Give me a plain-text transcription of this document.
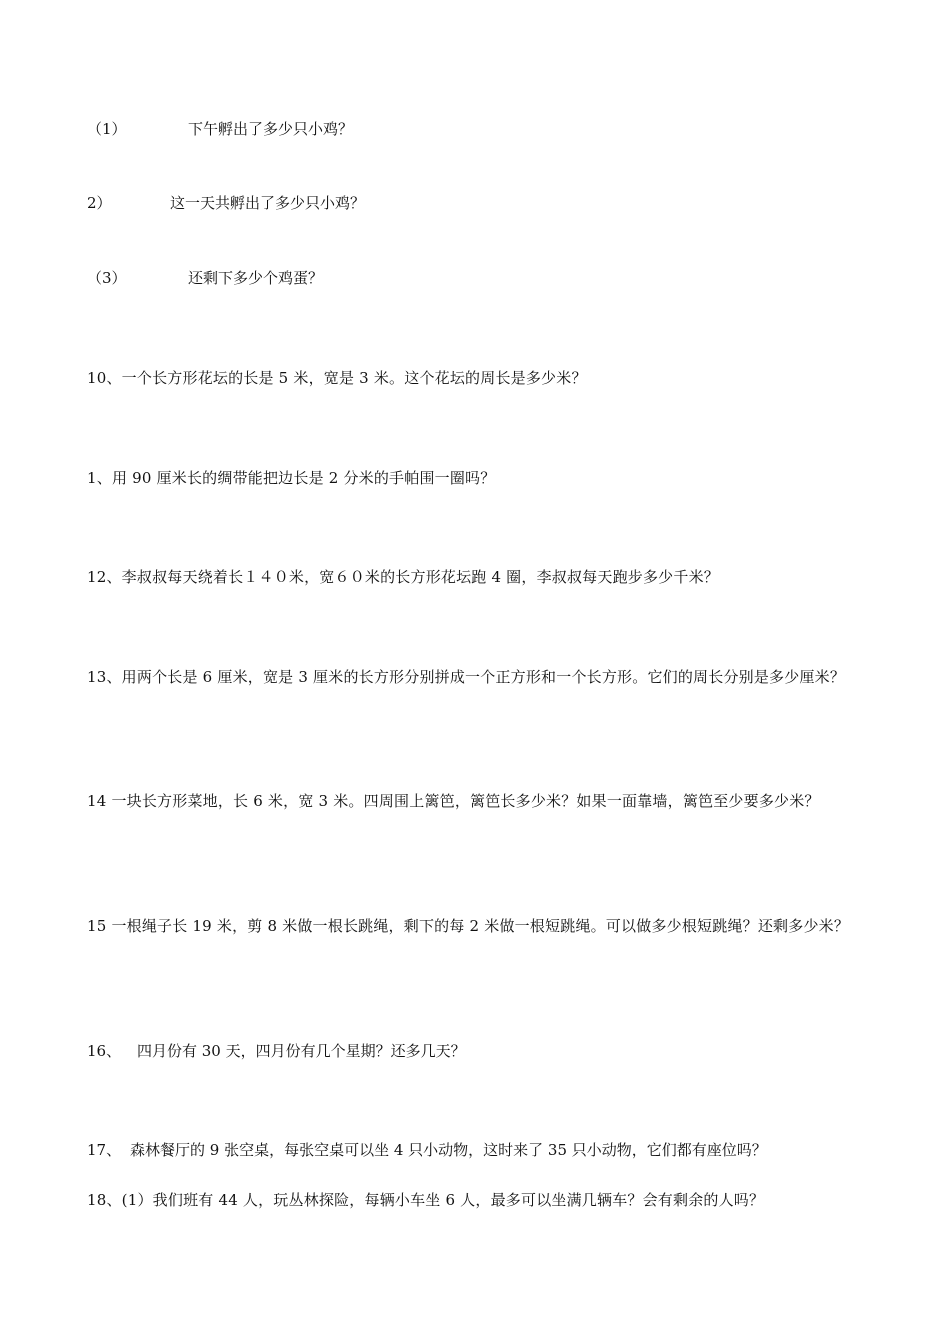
（1）	下午孵出了多少只小鸡？
2）	这一天共孵出了多少只小鸡？
（3）	还剩下多少个鸡蛋？
10、一个长方形花坛的长是 5 米，宽是 3 米。这个花坛的周长是多少米？
1、用 90 厘米长的绸带能把边长是 2 分米的手帕围一圈吗？
12、李叔叔每天绕着长１４０米，宽６０米的长方形花坛跑 4 圈，李叔叔每天跑步多少千米？
13、用两个长是 6 厘米，宽是 3 厘米的长方形分别拼成一个正方形和一个长方形。它们的周长分别是多少厘米？
14 一块长方形菜地，长 6 米，宽 3 米。四周围上篱笆，篱笆长多少米？如果一面靠墙，篱笆至少要多少米？
15 一根绳子长 19 米，剪 8 米做一根长跳绳，剩下的每 2 米做一根短跳绳。可以做多少根短跳绳？还剩多少米？
16、 四月份有 30 天，四月份有几个星期？还多几天？
17、 森林餐厅的 9 张空桌，每张空桌可以坐 4 只小动物，这时来了 35 只小动物，它们都有座位吗？
18、(1）我们班有 44 人，玩丛林探险，每辆小车坐 6 人，最多可以坐满几辆车？会有剩余的人吗？
